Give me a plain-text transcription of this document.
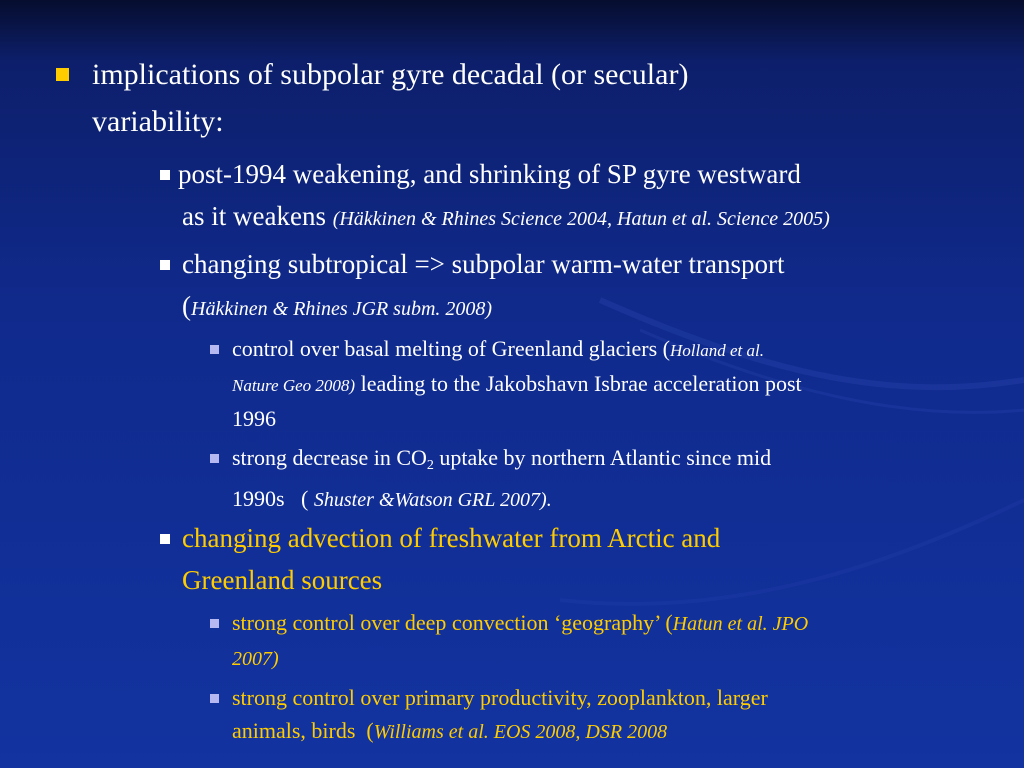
implications of subpolar gyre decadal (or secular)
variability:
post-1994 weakening, and shrinking of SP gyre westward
as it weakens (Häkkinen & Rhines Science 2004, Hatun et al. Science 2005)
changing subtropical => subpolar warm-water transport
(Häkkinen & Rhines JGR subm. 2008)
control over basal melting of Greenland glaciers (Holland et al.
Nature Geo 2008) leading to the Jakobshavn Isbrae acceleration post
1996
strong decrease in $CO_2$ uptake by northern Atlantic since mid
1990s   ( Shuster &Watson GRL 2007).
changing advection of freshwater from Arctic and
Greenland sources
strong control over deep convection ‘geography’ (Hatun et al. JPO
2007)
strong control over primary productivity, zooplankton, larger
animals, birds  (Williams et al. EOS 2008, DSR 2008
